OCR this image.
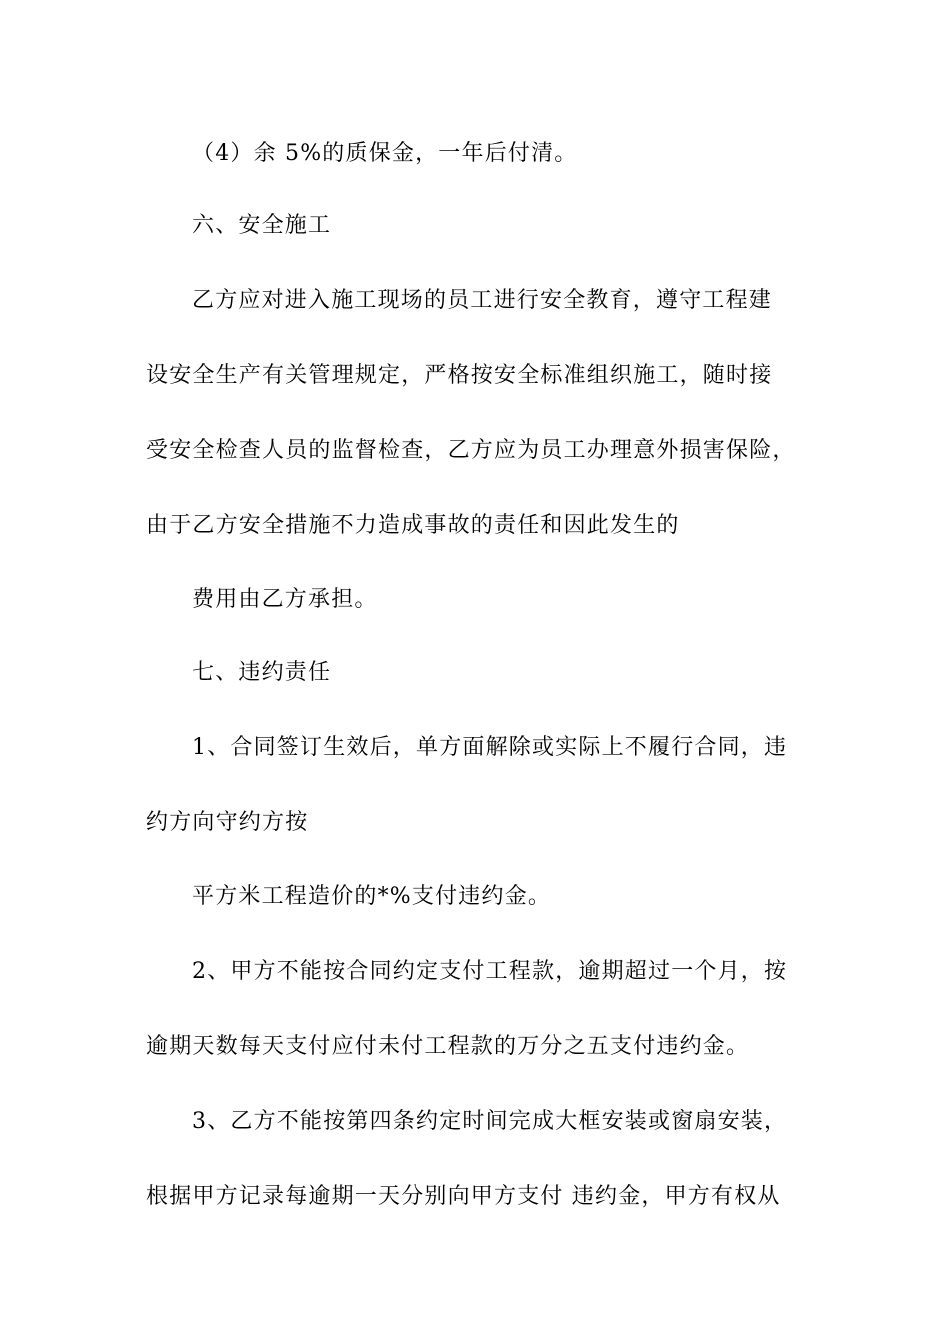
（4）余 5%的质保金，一年后付清。
六、安全施工
乙方应对进入施工现场的员工进行安全教育，遵守工程建
设安全生产有关管理规定，严格按安全标准组织施工，随时接
受安全检查人员的监督检查，乙方应为员工办理意外损害保险，
由于乙方安全措施不力造成事故的责任和因此发生的
费用由乙方承担。
七、违约责任
1、合同签订生效后，单方面解除或实际上不履行合同，违
约方向守约方按
平方米工程造价的*%支付违约金。
2、甲方不能按合同约定支付工程款，逾期超过一个月，按
逾期天数每天支付应付未付工程款的万分之五支付违约金。
3、乙方不能按第四条约定时间完成大框安装或窗扇安装，
根据甲方记录每逾期一天分别向甲方支付 违约金，甲方有权从
